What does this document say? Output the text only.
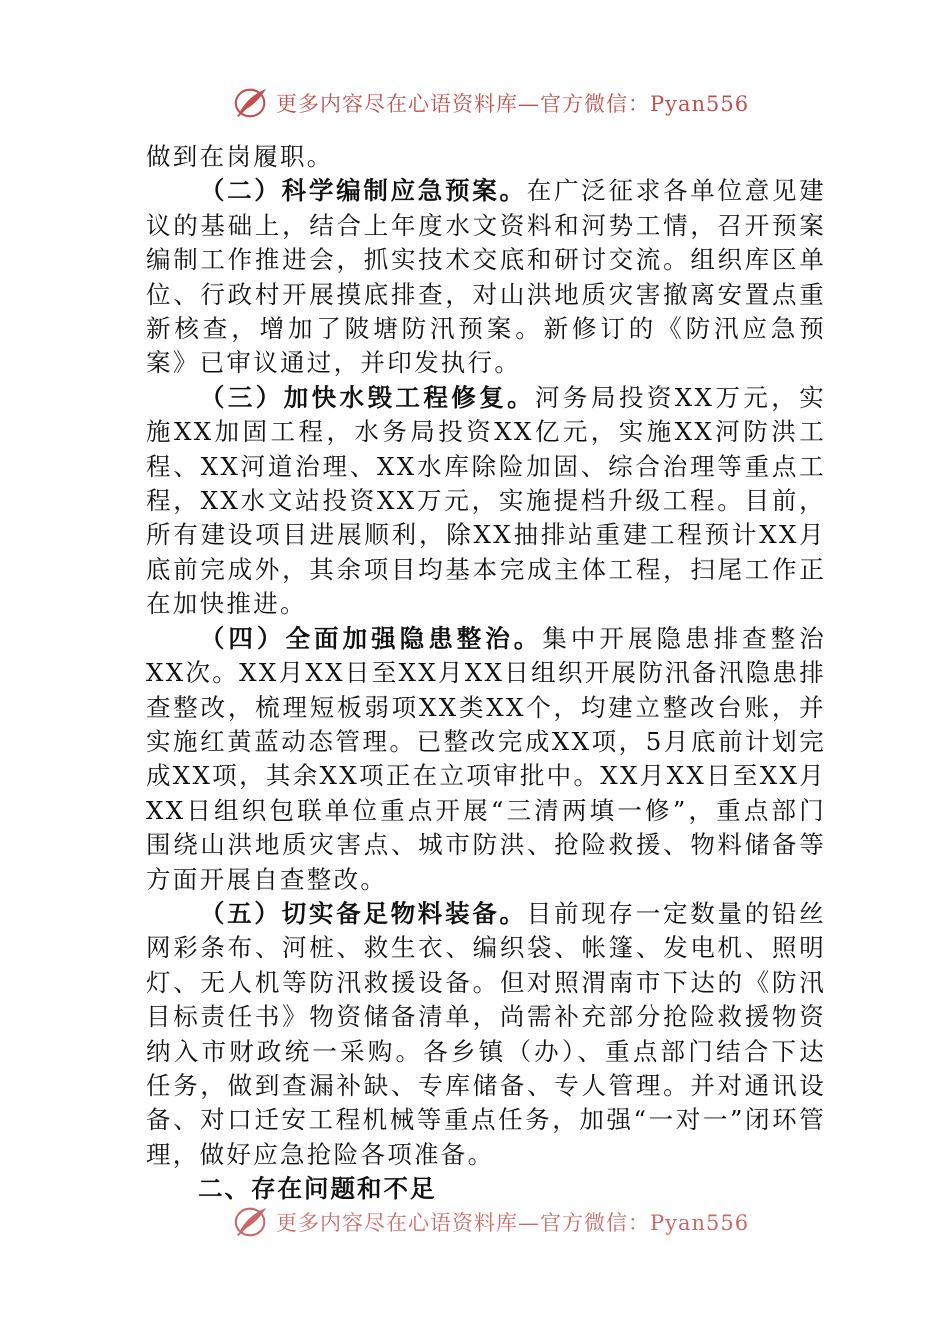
更多内容尽在心语资料库—官方微信：Pyan556

做到在岗履职。

（二）科学编制应急预案。在广泛征求各单位意见建议的基础上，结合上年度水文资料和河势工情，召开预案编制工作推进会，抓实技术交底和研讨交流。组织库区单位、行政村开展摸底排查，对山洪地质灾害撤离安置点重新核查，增加了陂塘防汛预案。新修订的《防汛应急预案》已审议通过，并印发执行。

（三）加快水毁工程修复。河务局投资XX万元，实施XX加固工程，水务局投资XX亿元，实施XX河防洪工程、XX河道治理、XX水库除险加固、综合治理等重点工程，XX水文站投资XX万元，实施提档升级工程。目前，所有建设项目进展顺利，除XX抽排站重建工程预计XX月底前完成外，其余项目均基本完成主体工程，扫尾工作正在加快推进。

（四）全面加强隐患整治。集中开展隐患排查整治XX次。XX月XX日至XX月XX日组织开展防汛备汛隐患排查整改，梳理短板弱项XX类XX个，均建立整改台账，并实施红黄蓝动态管理。已整改完成XX项，5月底前计划完成XX项，其余XX项正在立项审批中。XX月XX日至XX月XX日组织包联单位重点开展“三清两填一修”，重点部门围绕山洪地质灾害点、城市防洪、抢险救援、物料储备等方面开展自查整改。

（五）切实备足物料装备。目前现存一定数量的铅丝网彩条布、河桩、救生衣、编织袋、帐篷、发电机、照明灯、无人机等防汛救援设备。但对照渭南市下达的《防汛目标责任书》物资储备清单，尚需补充部分抢险救援物资纳入市财政统一采购。各乡镇（办）、重点部门结合下达任务，做到查漏补缺、专库储备、专人管理。并对通讯设备、对口迁安工程机械等重点任务，加强“一对一”闭环管理，做好应急抢险各项准备。

二、存在问题和不足

更多内容尽在心语资料库—官方微信：Pyan556
